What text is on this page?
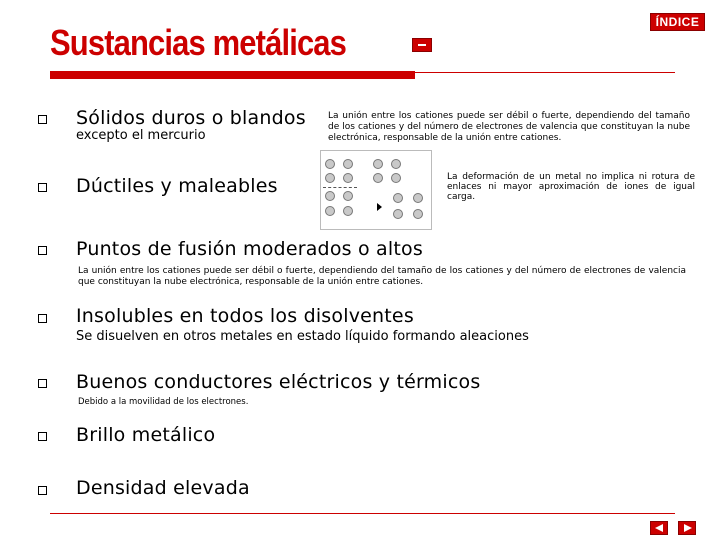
Sustancias metálicas	ÍNDICE
Sólidos duros o blandos
excepto el mercurio
La unión entre los cationes puede ser débil o fuerte, dependiendo del tamaño de los cationes y del número de electrones de valencia que constituyan la nube electrónica, responsable de la unión entre cationes.
Dúctiles y maleables	La deformación de un metal no implica ni rotura de enlaces ni mayor aproximación de iones de igual carga.
Puntos de fusión moderados o altos
La unión entre los cationes puede ser débil o fuerte, dependiendo del tamaño de los cationes y del número de electrones de valencia que constituyan la nube electrónica, responsable de la unión entre cationes.
Insolubles en todos los disolventes
Se disuelven en otros metales en estado líquido formando aleaciones
Buenos conductores eléctricos y térmicos
Debido a la movilidad de los electrones.
Brillo metálico
Densidad elevada
